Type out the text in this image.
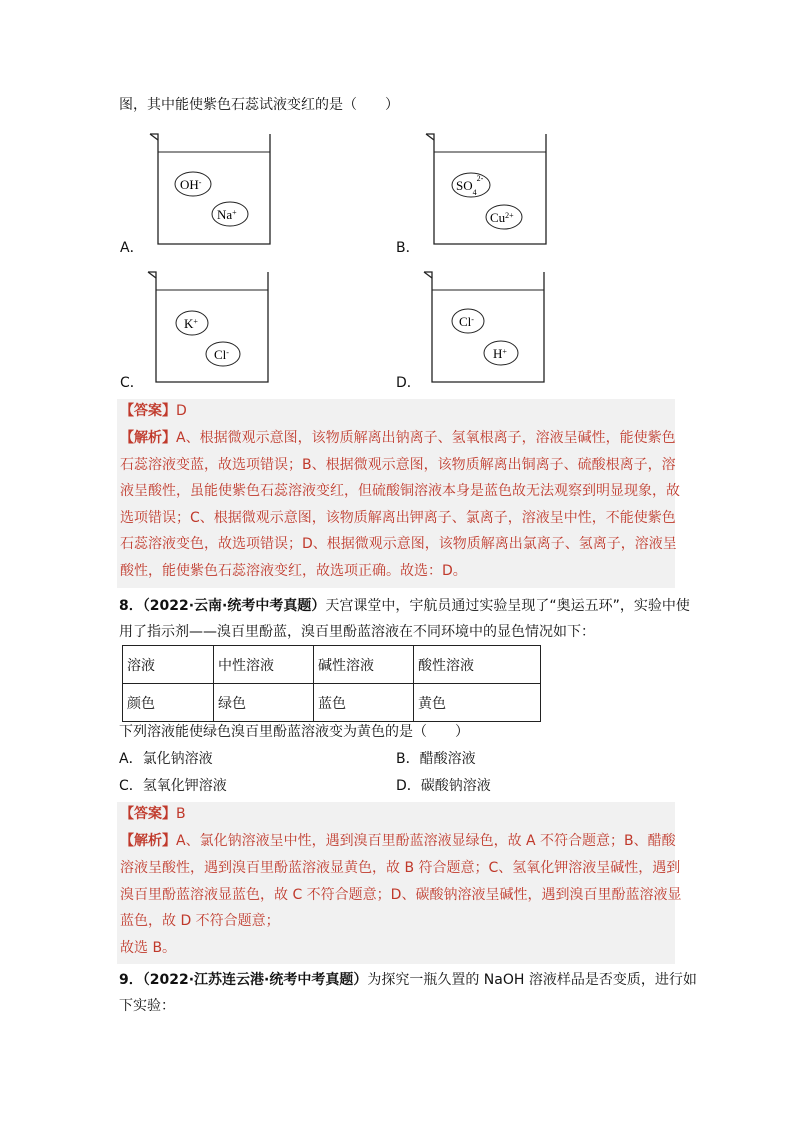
图，其中能使紫色石蕊试液变红的是（　　）
OH-
Na+
A．
$SO_4^{2-}$
$Cu^{2+}$
B．
K+
Cl-
C．
Cl-
H+
D．
【答案】D
【解析】A、根据微观示意图，该物质解离出钠离子、氢氧根离子，溶液呈碱性，能使紫色
石蕊溶液变蓝，故选项错误；B、根据微观示意图，该物质解离出铜离子、硫酸根离子，溶
液呈酸性，虽能使紫色石蕊溶液变红，但硫酸铜溶液本身是蓝色故无法观察到明显现象，故
选项错误；C、根据微观示意图，该物质解离出钾离子、氯离子，溶液呈中性，不能使紫色
石蕊溶液变色，故选项错误；D、根据微观示意图，该物质解离出氯离子、氢离子，溶液呈
酸性，能使紫色石蕊溶液变红，故选项正确。故选：D。
8．（2022·云南·统考中考真题）天宫课堂中，宇航员通过实验呈现了“奥运五环”，实验中使
用了指示剂——溴百里酚蓝，溴百里酚蓝溶液在不同环境中的显色情况如下：
溶液	中性溶液	碱性溶液	酸性溶液
颜色	绿色	蓝色	黄色
下列溶液能使绿色溴百里酚蓝溶液变为黄色的是（　　）
A．氯化钠溶液	B．醋酸溶液
C．氢氧化钾溶液	D．碳酸钠溶液
【答案】B
【解析】A、氯化钠溶液呈中性，遇到溴百里酚蓝溶液显绿色，故 A 不符合题意；B、醋酸
溶液呈酸性，遇到溴百里酚蓝溶液显黄色，故 B 符合题意；C、氢氧化钾溶液呈碱性，遇到
溴百里酚蓝溶液显蓝色，故 C 不符合题意；D、碳酸钠溶液呈碱性，遇到溴百里酚蓝溶液显
蓝色，故 D 不符合题意；
故选 B。
9．（2022·江苏连云港·统考中考真题）为探究一瓶久置的 NaOH 溶液样品是否变质，进行如
下实验：
